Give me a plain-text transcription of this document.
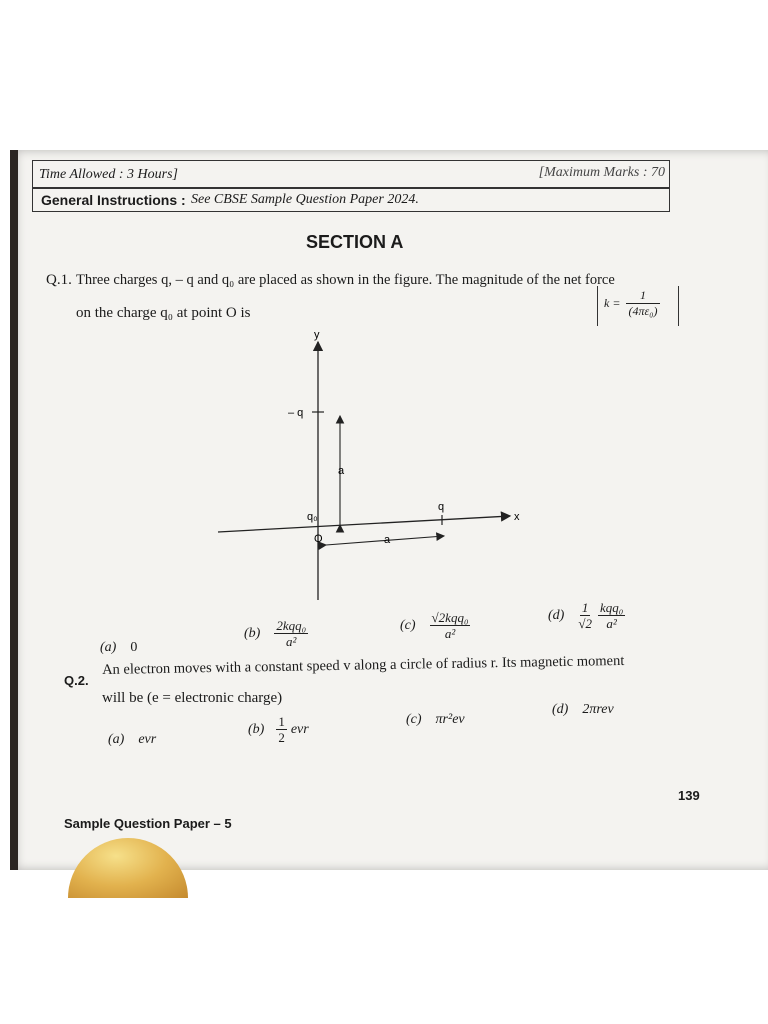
Time Allowed : 3 Hours]	[Maximum Marks : 70
General Instructions : See CBSE Sample Question Paper 2024.
SECTION A
Q.1. Three charges q, – q and q₀ are placed as shown in the figure. The magnitude of the net force
on the charge q₀ at point O is
$k = \frac{1}{\text{(4πε₀)}}$
y
x
– q
q₀
q
O
a
a
(a) 0
$(b) \frac{\text{2kqq₀}}{\text{a²}}$	$(c) \frac{\text{√2kqq₀}}{\text{a²}}$	$(d) \frac{1}{√2}$
$\frac{\text{kqq₀}}{\text{a²}}$
Q.2.
An electron moves with a constant speed v along a circle of radius r. Its magnetic moment
will be (e = electronic charge)
(a) evr
$(b) \frac{1}{2}$ evr
(c) πr²ev
(d) 2πrev
139
Sample Question Paper – 5
